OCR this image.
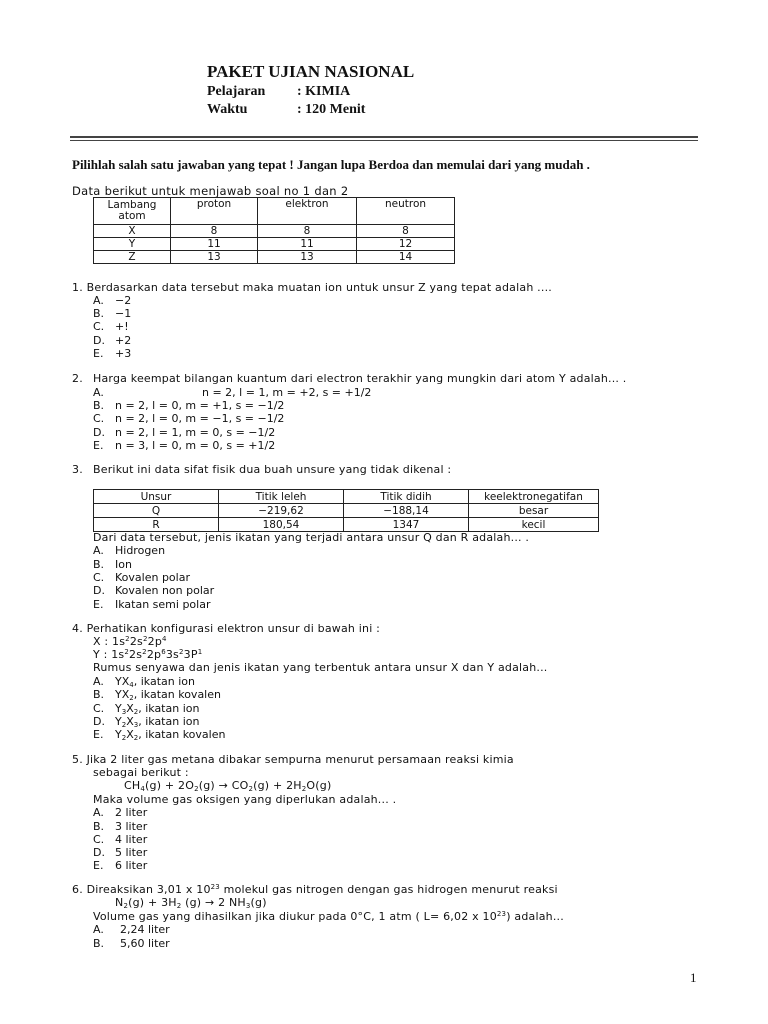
PAKET UJIAN NASIONAL
Pelajaran : KIMIA
Waktu	: 120 Menit
Pilihlah salah satu jawaban yang tepat ! Jangan lupa Berdoa dan memulai dari yang mudah .
Data berikut untuk menjawab soal no 1 dan 2
Lambang atom	proton	elektron	neutron
X	8	8	8
Y	11	11	12
Z	13	13	14
1. Berdasarkan data tersebut maka muatan ion untuk unsur Z yang tepat adalah ....
A. −2
B. −1
C. +!
D. +2
E. +3
2. Harga keempat bilangan kuantum dari electron terakhir yang mungkin dari atom Y adalah... .
A.	n = 2, l = 1, m = +2, s = +1/2
B. n = 2, l = 0, m = +1, s = −1/2
C. n = 2, l = 0, m = −1, s = −1/2
D. n = 2, l = 1, m = 0, s = −1/2
E. n = 3, l = 0, m = 0, s = +1/2
3. Berikut ini data sifat fisik dua buah unsure yang tidak dikenal :
Unsur	Titik leleh	Titik didih	keelektronegatifan
Q	−219,62	−188,14	besar
R	180,54	1347	kecil
Dari data tersebut, jenis ikatan yang terjadi antara unsur Q dan R adalah... .
A. Hidrogen
B. Ion
C. Kovalen polar
D. Kovalen non polar
E. Ikatan semi polar
4. Perhatikan konfigurasi elektron unsur di bawah ini :
X : $1s^22s^22p^4$
Y : $1s^22s^22p^63s^23P^1$
Rumus senyawa dan jenis ikatan yang terbentuk antara unsur X dan Y adalah...
A. $YX_4$, ikatan ion
B. $YX_2$, ikatan kovalen
C. $Y_3X_2$, ikatan ion
D. $Y_2X_3$, ikatan ion
E. $Y_2X_2$, ikatan kovalen
5. Jika 2 liter gas metana dibakar sempurna menurut persamaan reaksi kimia
sebagai berikut :
$CH_4(g) + 2O_2(g) \to CO_2(g) + 2H_2O(g)$
Maka volume gas oksigen yang diperlukan adalah... .
A. 2 liter
B. 3 liter
C. 4 liter
D. 5 liter
E. 6 liter
6. Direaksikan 3,01 x $10^{23}$ molekul gas nitrogen dengan gas hidrogen menurut reaksi
$N_2(g) + 3H_2$ (g) → 2 $NH_3(g)$
Volume gas yang dihasilkan jika diukur pada 0°C, 1 atm ( L= 6,02 x $10^{23}$) adalah...
A. 2,24 liter
B. 5,60 liter
1
